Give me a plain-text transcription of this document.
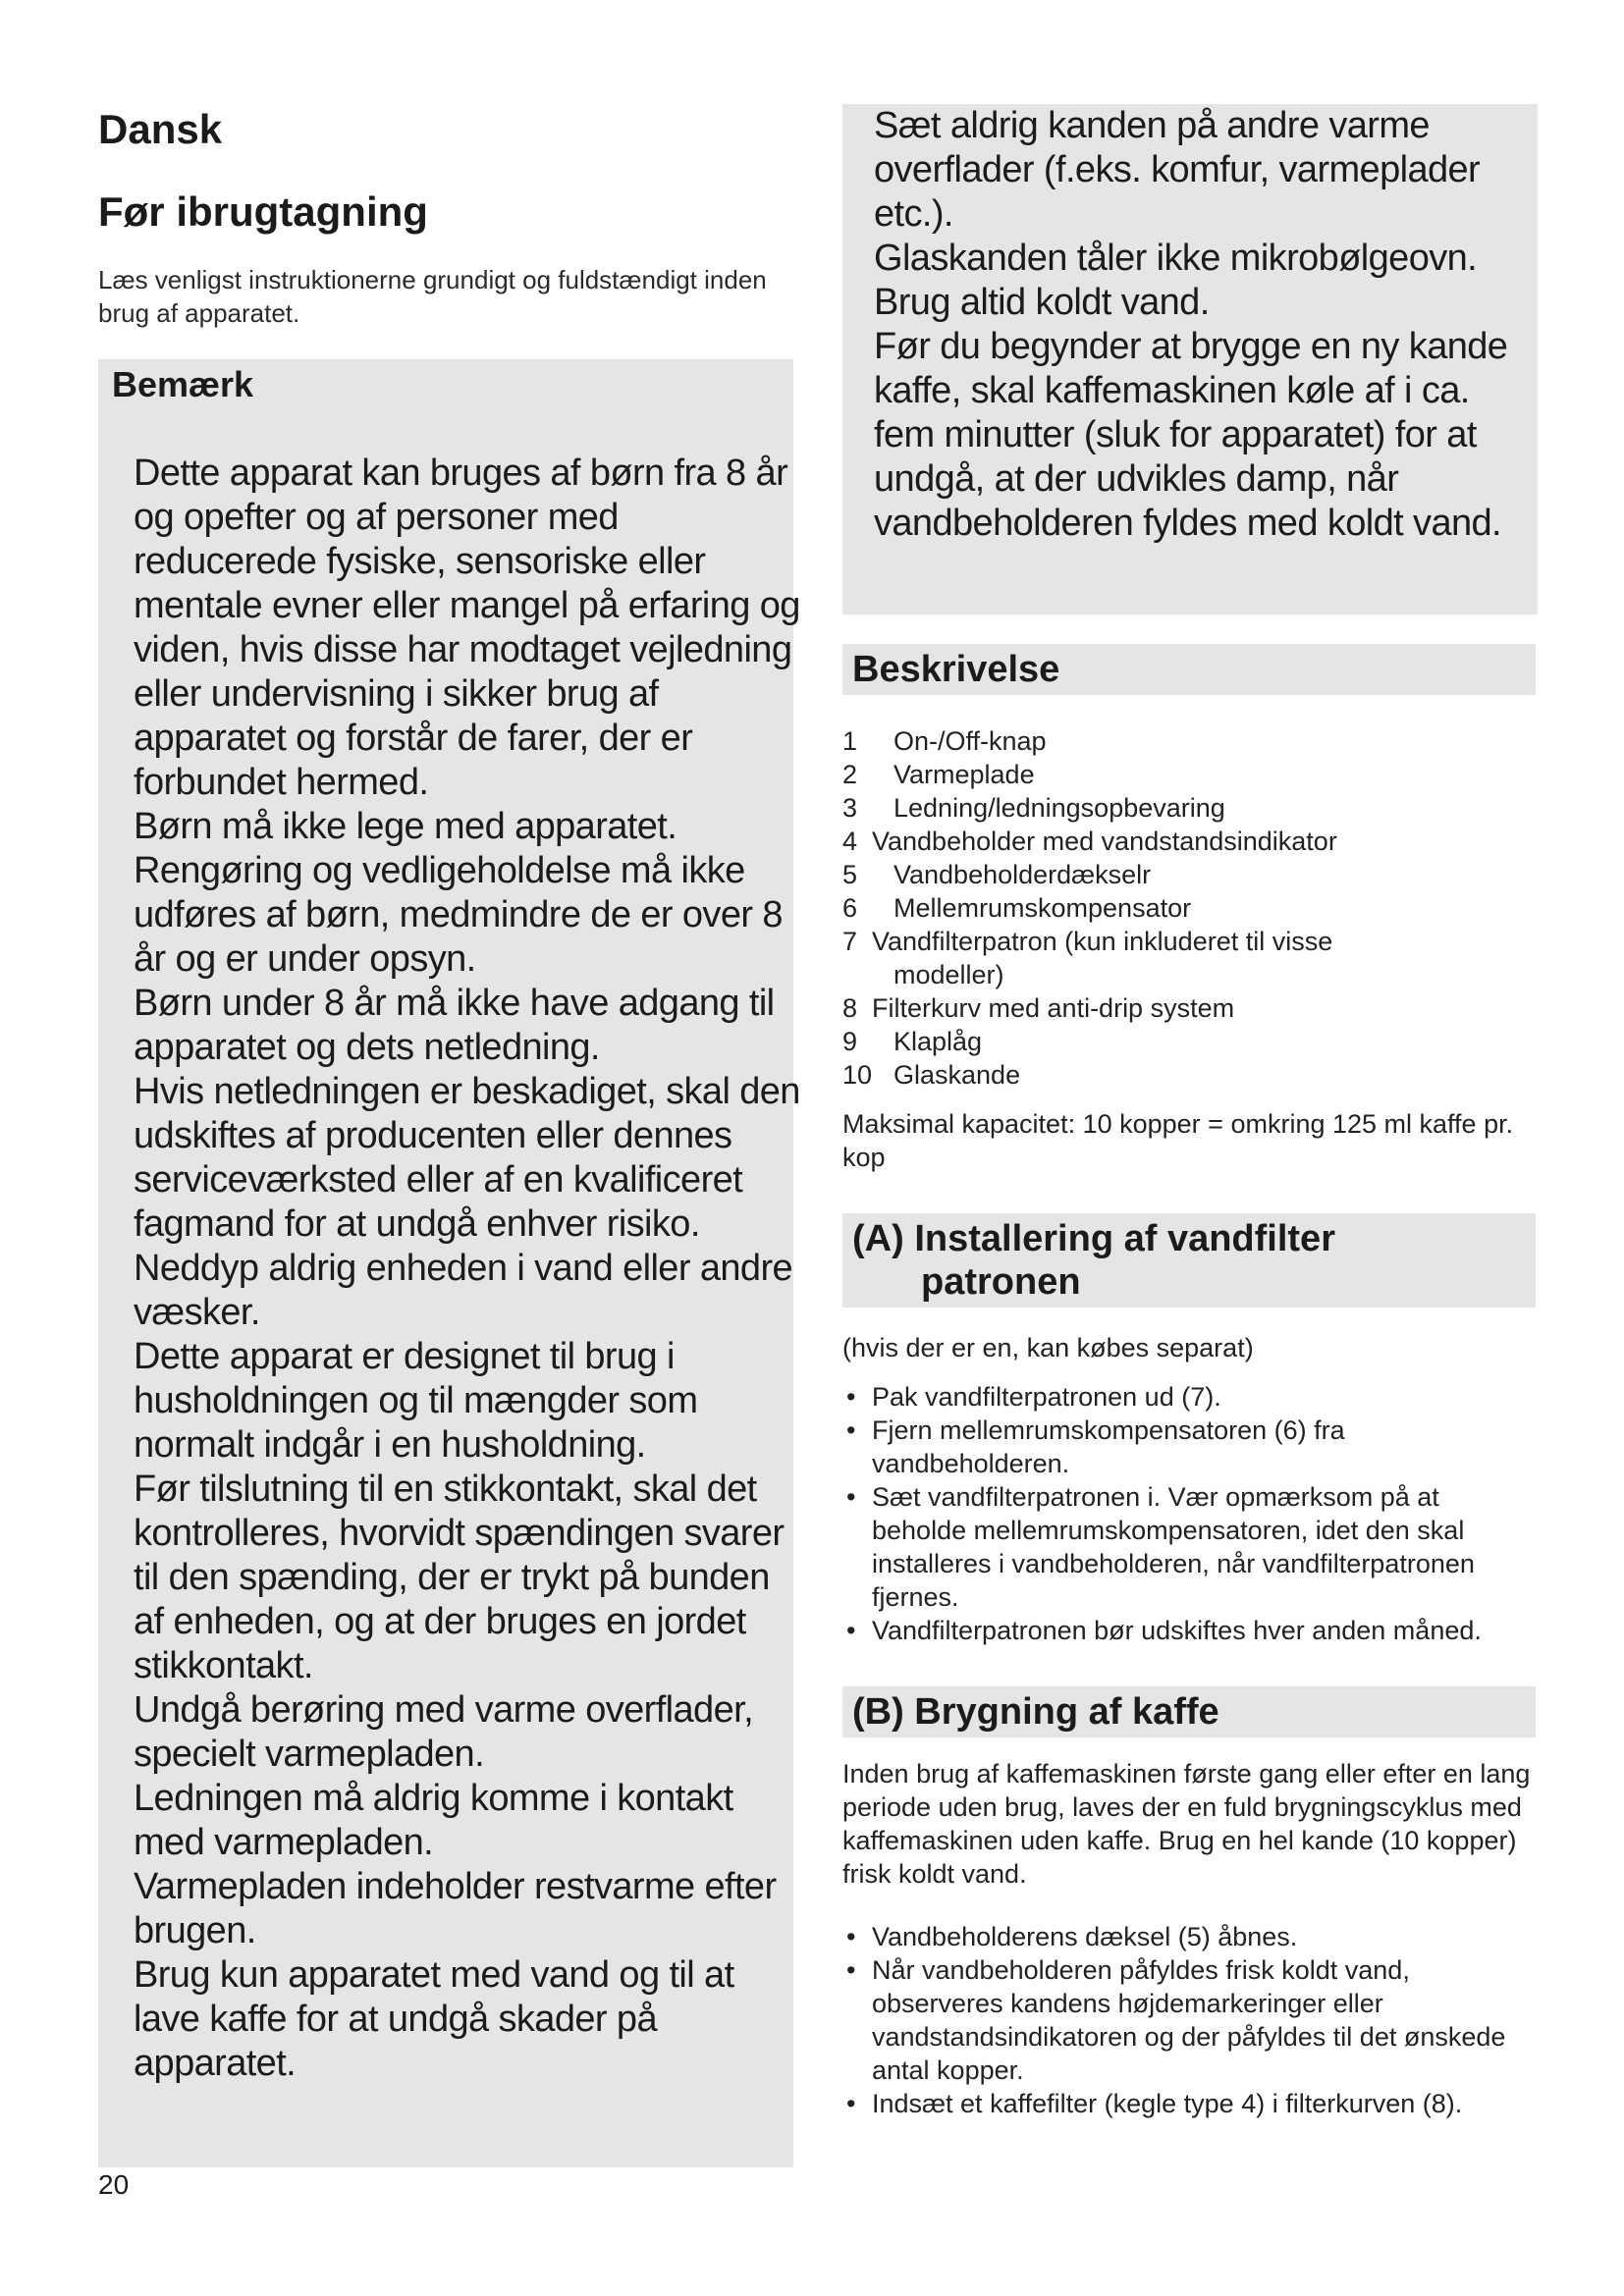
Dansk
Før ibrugtagning

Læs venligst instruktionerne grundigt og fuldstændigt inden brug af apparatet.

Bemærk

Dette apparat kan bruges af børn fra 8 år og opefter og af personer med reducerede fysiske, sensoriske eller mentale evner eller mangel på erfaring og viden, hvis disse har modtaget vejledning eller undervisning i sikker brug af apparatet og forstår de farer, der er forbundet hermed.
Børn må ikke lege med apparatet.
Rengøring og vedligeholdelse må ikke udføres af børn, medmindre de er over 8 år og er under opsyn.
Børn under 8 år må ikke have adgang til apparatet og dets netledning.
Hvis netledningen er beskadiget, skal den udskiftes af producenten eller dennes serviceværksted eller af en kvalificeret fagmand for at undgå enhver risiko.
Neddyp aldrig enheden i vand eller andre væsker.
Dette apparat er designet til brug i husholdningen og til mængder som normalt indgår i en husholdning.
Før tilslutning til en stikkontakt, skal det kontrolleres, hvorvidt spændingen svarer til den spænding, der er trykt på bunden af enheden, og at der bruges en jordet stikkontakt.
Undgå berøring med varme overflader, specielt varmepladen.
Ledningen må aldrig komme i kontakt med varmepladen.
Varmepladen indeholder restvarme efter brugen.
Brug kun apparatet med vand og til at lave kaffe for at undgå skader på apparatet.
Sæt aldrig kanden på andre varme overflader (f.eks. komfur, varmeplader etc.).
Glaskanden tåler ikke mikrobølgeovn.
Brug altid koldt vand.
Før du begynder at brygge en ny kande kaffe, skal kaffemaskinen køle af i ca. fem minutter (sluk for apparatet) for at undgå, at der udvikles damp, når vandbeholderen fyldes med koldt vand.
Beskrivelse
1	On-/Off-knap
2	Varmeplade
3	Ledning/ledningsopbevaring
4 Vandbeholder med vandstandsindikator
5	Vandbeholderdækselr
6	Mellemrumskompensator
7 Vandfilterpatron (kun inkluderet til visse
modeller)
8 Filterkurv med anti-drip system
9	Klaplåg
10 Glaskande

Maksimal kapacitet: 10 kopper = omkring 125 ml kaffe pr. kop

(A) Installering af vandfilter
patronen

(hvis der er en, kan købes separat)

• Pak vandfilterpatronen ud (7).
• Fjern mellemrumskompensatoren (6) fra vandbeholderen.
• Sæt vandfilterpatronen i. Vær opmærksom på at beholde mellemrumskompensatoren, idet den skal installeres i vandbeholderen, når vandfilterpatronen fjernes.
• Vandfilterpatronen bør udskiftes hver anden måned.
(B) Brygning af kaffe

Inden brug af kaffemaskinen første gang eller efter en lang periode uden brug, laves der en fuld brygningscyklus med kaffemaskinen uden kaffe. Brug en hel kande (10 kopper) frisk koldt vand.

• Vandbeholderens dæksel (5) åbnes.
• Når vandbeholderen påfyldes frisk koldt vand, observeres kandens højdemarkeringer eller vandstandsindikatoren og der påfyldes til det ønskede antal kopper.
• Indsæt et kaffefilter (kegle type 4) i filterkurven (8).
20
